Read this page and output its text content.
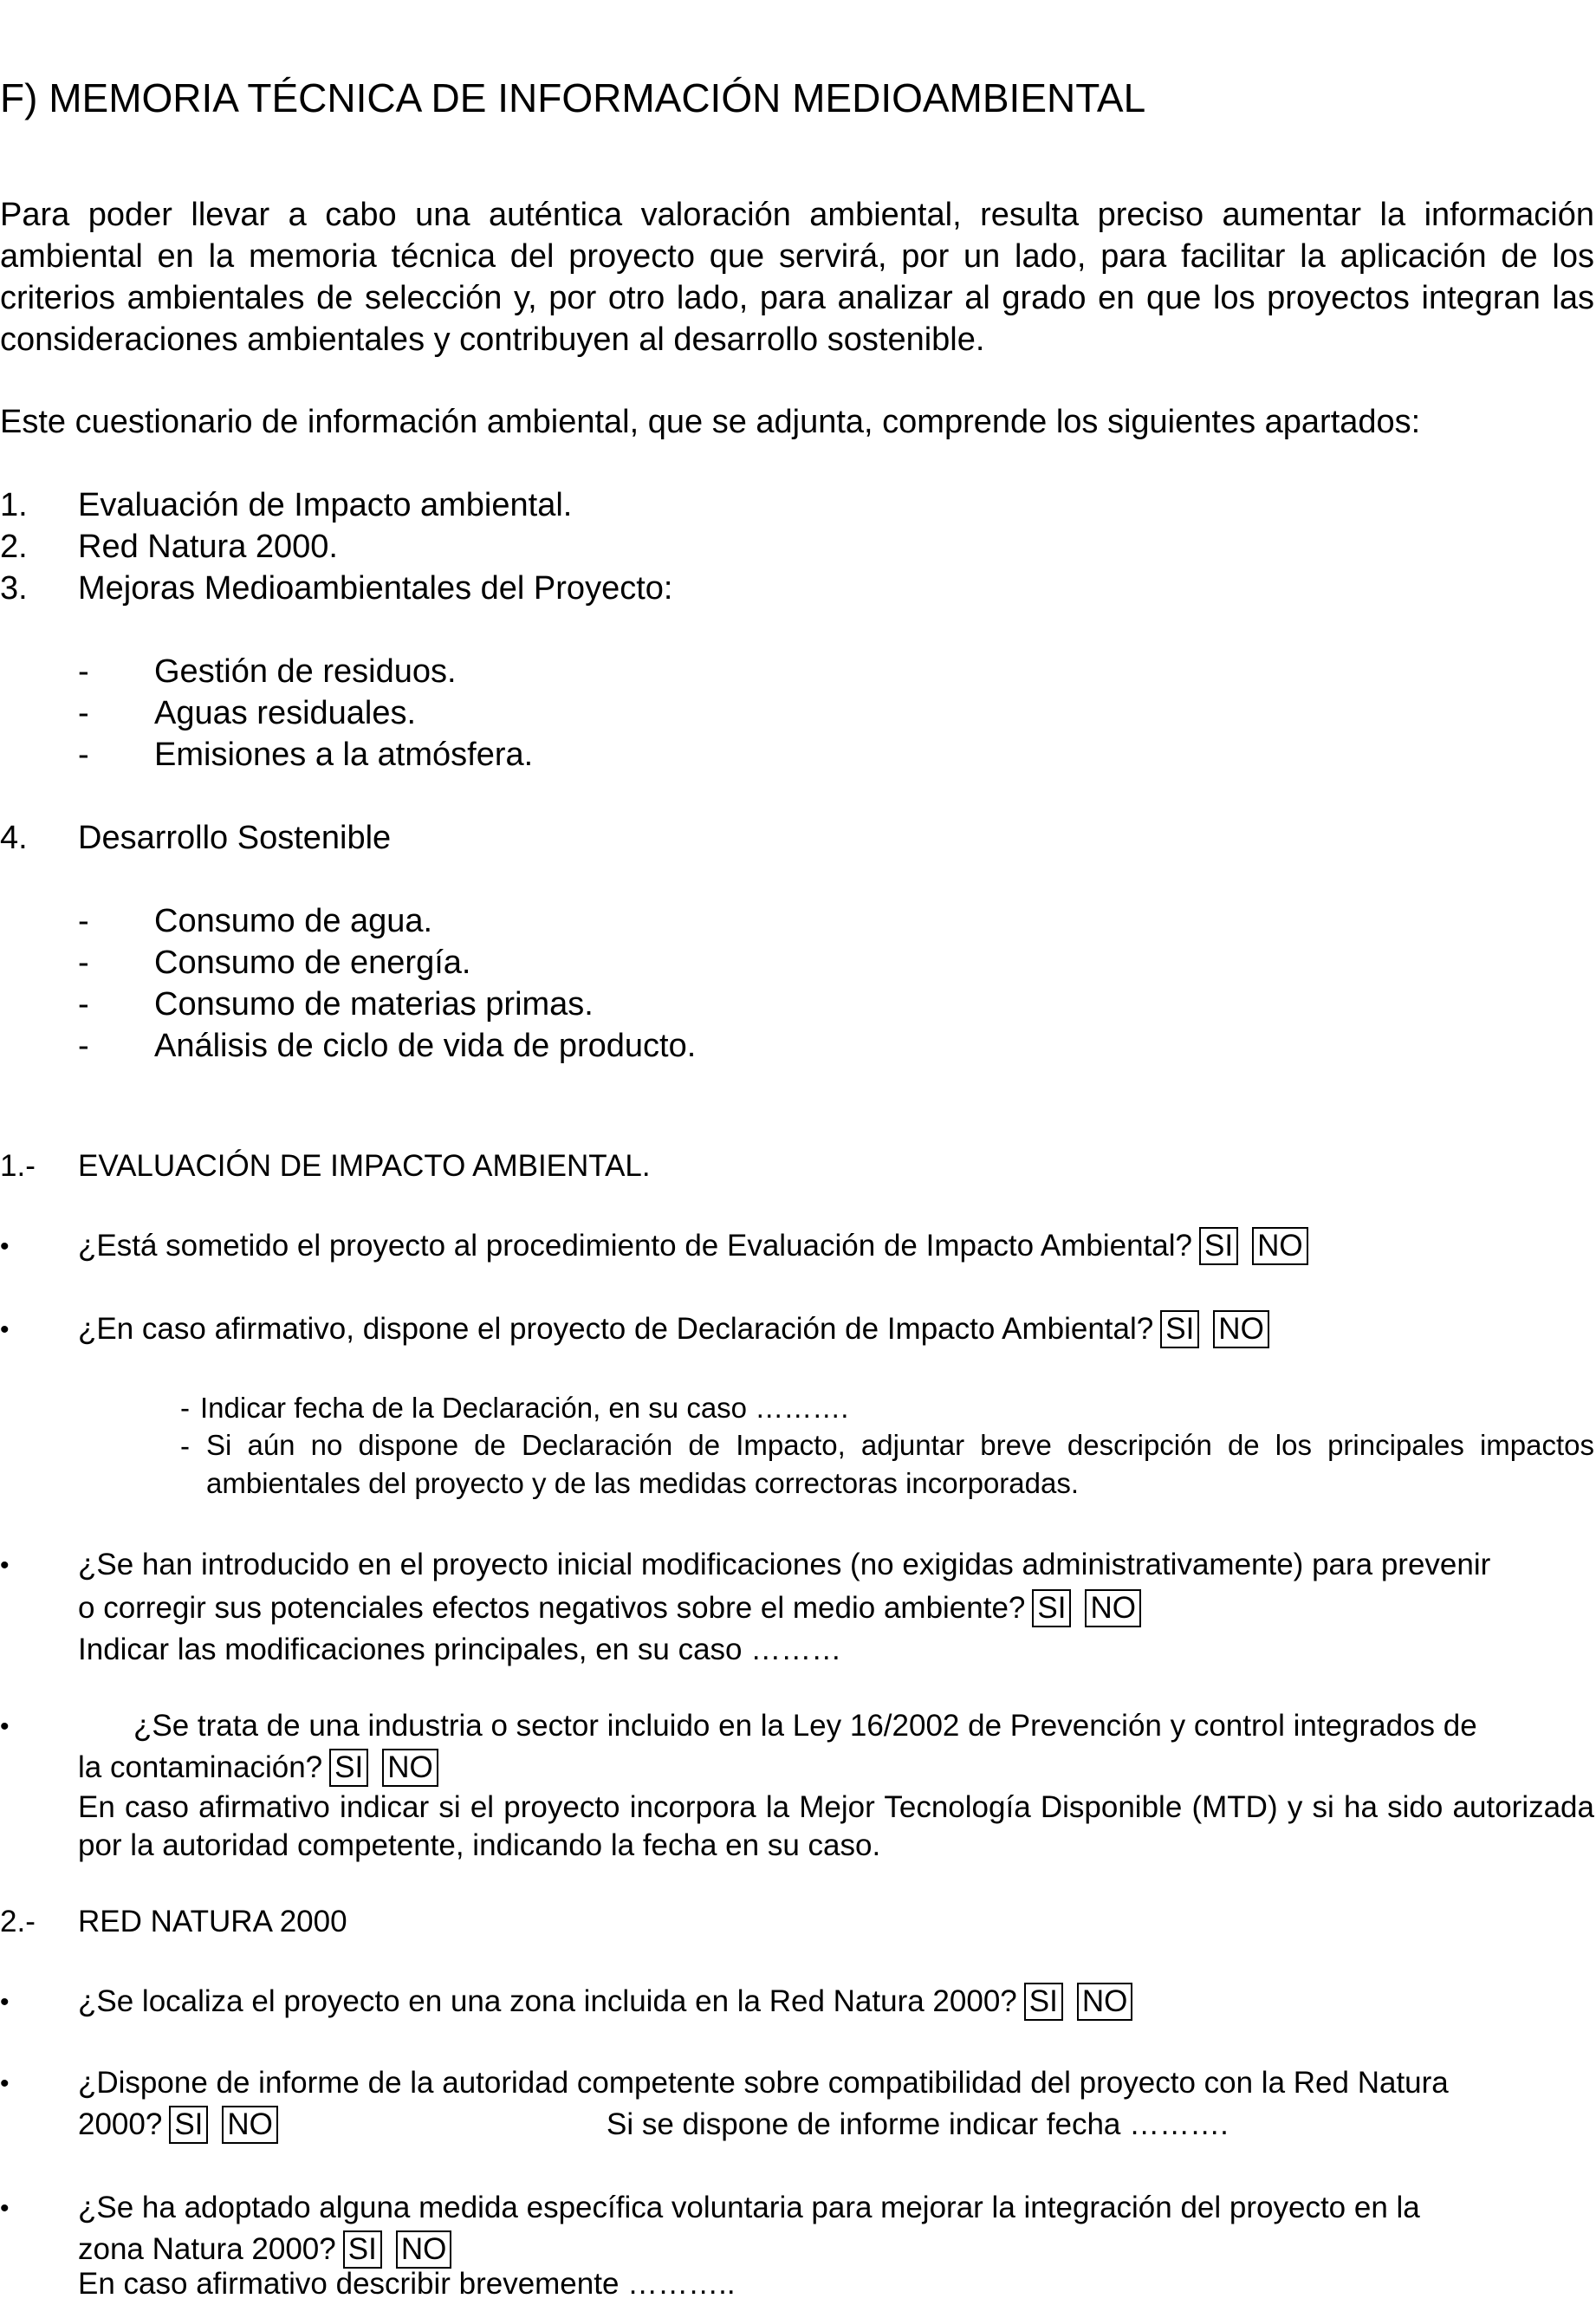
F) MEMORIA TÉCNICA DE INFORMACIÓN MEDIOAMBIENTAL
Para poder llevar a cabo una auténtica valoración ambiental, resulta preciso aumentar la información ambiental en la memoria técnica del proyecto que servirá, por un lado, para facilitar la aplicación de los criterios ambientales de selección y, por otro lado, para analizar al grado en que los proyectos integran las consideraciones ambientales y contribuyen al desarrollo sostenible.
Este cuestionario de información ambiental, que se adjunta, comprende los siguientes apartados:
1. Evaluación de Impacto ambiental.
2. Red Natura 2000.
3. Mejoras Medioambientales del Proyecto:
- Gestión de residuos.
- Aguas residuales.
- Emisiones a la atmósfera.
4. Desarrollo Sostenible
- Consumo de agua.
- Consumo de energía.
- Consumo de materias primas.
- Análisis de ciclo de vida de producto.
1.- EVALUACIÓN DE IMPACTO AMBIENTAL.
• ¿Está sometido el proyecto al procedimiento de Evaluación de Impacto Ambiental? SI NO
• ¿En caso afirmativo, dispone el proyecto de Declaración de Impacto Ambiental? SI NO
- Indicar fecha de la Declaración, en su caso ……….
- Si aún no dispone de Declaración de Impacto, adjuntar breve descripción de los principales impactos ambientales del proyecto y de las medidas correctoras incorporadas.
• ¿Se han introducido en el proyecto inicial modificaciones (no exigidas administrativamente) para prevenir
o corregir sus potenciales efectos negativos sobre el medio ambiente? SI NO
Indicar las modificaciones principales, en su caso ………
•	¿Se trata de una industria o sector incluido en la Ley 16/2002 de Prevención y control integrados de
la contaminación? SI NO
En caso afirmativo indicar si el proyecto incorpora la Mejor Tecnología Disponible (MTD) y si ha sido autorizada por la autoridad competente, indicando la fecha en su caso.
2.- RED NATURA 2000
• ¿Se localiza el proyecto en una zona incluida en la Red Natura 2000? SI NO
• ¿Dispone de informe de la autoridad competente sobre compatibilidad del proyecto con la Red Natura
2000? SI NO	Si se dispone de informe indicar fecha ……….
• ¿Se ha adoptado alguna medida específica voluntaria para mejorar la integración del proyecto en la
zona Natura 2000? SI NO
En caso afirmativo describir brevemente ………..
